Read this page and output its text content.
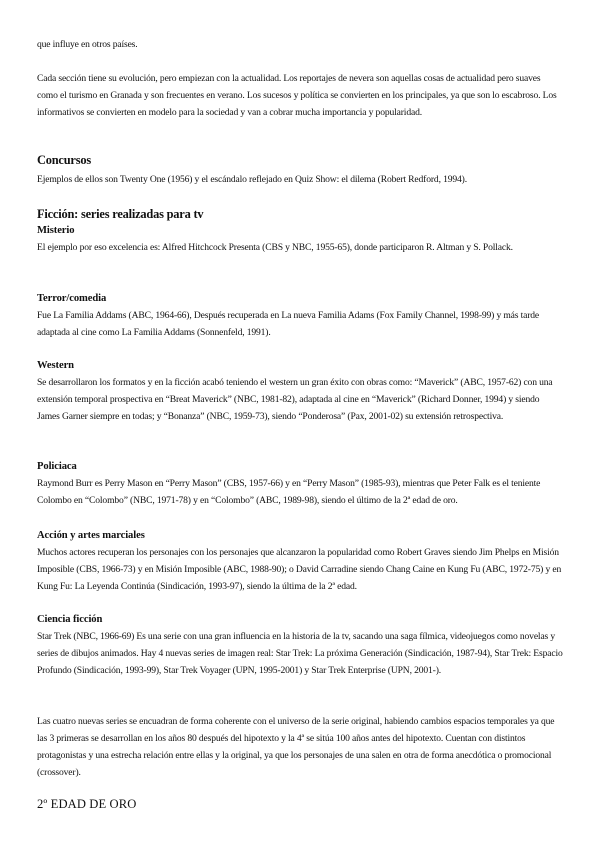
que influye en otros países.

Cada sección tiene su evolución, pero empiezan con la actualidad. Los reportajes de nevera son aquellas cosas de actualidad pero suaves como el turismo en Granada y son frecuentes en verano. Los sucesos y política se convierten en los principales, ya que son lo escabroso. Los informativos se convierten en modelo para la sociedad y van a cobrar mucha importancia y popularidad.

Concursos

Ejemplos de ellos son Twenty One (1956) y el escándalo reflejado en Quiz Show: el dilema (Robert Redford, 1994).

Ficción: series realizadas para tv
Misterio

El ejemplo por eso excelencia es: Alfred Hitchcock Presenta (CBS y NBC, 1955-65), donde participaron R. Altman y S. Pollack.

Terror/comedia

Fue La Familia Addams (ABC, 1964-66), Después recuperada en La nueva Familia Adams (Fox Family Channel, 1998-99) y más tarde adaptada al cine como La Familia Addams (Sonnenfeld, 1991).

Western

Se desarrollaron los formatos y en la ficción acabó teniendo el western un gran éxito con obras como: “Maverick” (ABC, 1957-62) con una extensión temporal prospectiva en “Breat Maverick” (NBC, 1981-82), adaptada al cine en “Maverick” (Richard Donner, 1994) y siendo James Garner siempre en todas; y “Bonanza” (NBC, 1959-73), siendo “Ponderosa” (Pax, 2001-02) su extensión retrospectiva.

Policiaca

Raymond Burr es Perry Mason en “Perry Mason” (CBS, 1957-66) y en “Perry Mason” (1985-93), mientras que Peter Falk es el teniente Colombo en “Colombo” (NBC, 1971-78) y en “Colombo” (ABC, 1989-98), siendo el último de la 2ª edad de oro.

Acción y artes marciales

Muchos actores recuperan los personajes con los personajes que alcanzaron la popularidad como Robert Graves siendo Jim Phelps en Misión Imposible (CBS, 1966-73) y en Misión Imposible (ABC, 1988-90); o David Carradine siendo Chang Caine en Kung Fu (ABC, 1972-75) y en Kung Fu: La Leyenda Continúa (Sindicación, 1993-97), siendo la última de la 2ª edad.

Ciencia ficción

Star Trek (NBC, 1966-69) Es una serie con una gran influencia en la historia de la tv, sacando una saga fílmica, videojuegos como novelas y series de dibujos animados. Hay 4 nuevas series de imagen real: Star Trek: La próxima Generación (Sindicación, 1987-94), Star Trek: Espacio Profundo (Sindicación, 1993-99), Star Trek Voyager (UPN, 1995-2001) y Star Trek Enterprise (UPN, 2001-).

Las cuatro nuevas series se encuadran de forma coherente con el universo de la serie original, habiendo cambios espacios temporales ya que las 3 primeras se desarrollan en los años 80 después del hipotexto y la 4ª se sitúa 100 años antes del hipotexto. Cuentan con distintos protagonistas y una estrecha relación entre ellas y la original, ya que los personajes de una salen en otra de forma anecdótica o promocional (crossover).

2º EDAD DE ORO
